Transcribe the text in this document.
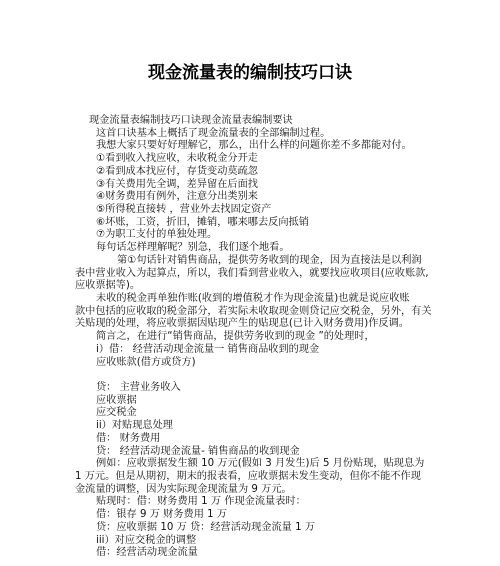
现金流量表的编制技巧口诀
现金流量表编制技巧口诀现金流量表编制要诀
这首口诀基本上概括了现金流量表的全部编制过程。
我想大家只要好好理解它，那么，出什么样的问题你差不多都能对付。
①看到收入找应收，未收税金分开走
②看到成本找应付，存货变动莫疏忽
③有关费用先全调，差异留在后面找
④财务费用有例外，注意分出类别来
⑤所得税直接转 ，营业外去找固定资产
⑥坏账，工资，折旧，摊销，哪来哪去反向抵销
⑦为职工支付的单独处理。
每句话怎样理解呢？别急，我们逐个地看。
第①句话针对销售商品，提供劳务收到的现金，因为直接法是以利润
表中营业收入为起算点，所以，我们看到营业收入，就要找应收项目(应收账款,
应收票据等)。
未收的税金再单独作账(收到的增值税才作为现金流量)也就是说应收账
款中包括的应收取的税金部分，若实际未收取现金则贷记应交税金，另外，有关
关贴现的处理，将应收票据因贴现产生的贴现息(已计入财务费用)作反调。
简言之，在进行“销售商品，提供劳务收到的现金 ”的处理时，
i）借： 经营活动现金流量一 销售商品收到的现金
应收账款(借方或贷方)
贷： 主营业务收入
应收票据
应交税金
ii）对贴现息处理
借： 财务费用
贷： 经营活动现金流量- 销售商品的收到现金
例如：应收票据发生额 10 万元(假如 3 月发生)后 5 月份贴现，贴现息为
1 万元。但是从期初，期末的报表看，应收票据未发生变动，但你不能不作现
金流量的调整，因为实际现金现流量为 9 万元。
贴现时：借：财务费用 1 万 作现金流量表时：
借：银存 9 万 财务费用 1 万
贷：应收票据 10 万 贷：经营活动现金流量 1 万
iii）对应交税金的调整
借：经营活动现金流量
